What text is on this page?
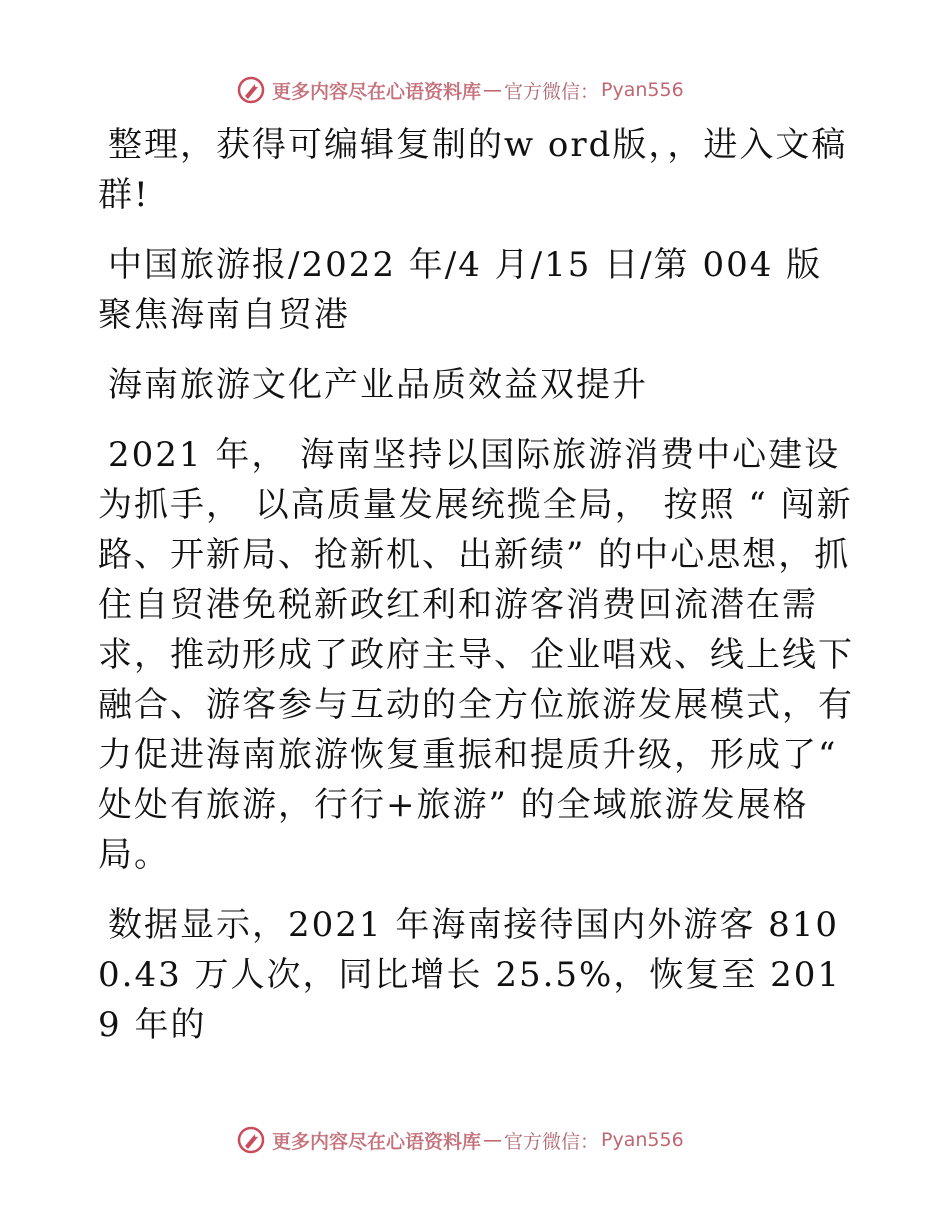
更多内容尽在心语资料库 — 官方微信： Pyan556

整理，获得可编辑复制的w ord版，，进入文稿群!

中国旅游报/2022 年/4 月/15 日/第 004 版聚焦海南自贸港

海南旅游文化产业品质效益双提升

2021 年， 海南坚持以国际旅游消费中心建设为抓手， 以高质量发展统揽全局， 按照 “ 闯新路、开新局、抢新机、出新绩” 的中心思想，抓住自贸港免税新政红利和游客消费回流潜在需求，推动形成了政府主导、企业唱戏、线上线下融合、游客参与互动的全方位旅游发展模式，有力促进海南旅游恢复重振和提质升级，形成了“ 处处有旅游，行行+旅游” 的全域旅游发展格局。

数据显示，2021 年海南接待国内外游客 8100.43 万人次，同比增长 25.5%，恢复至 2019 年的

更多内容尽在心语资料库 — 官方微信： Pyan556
